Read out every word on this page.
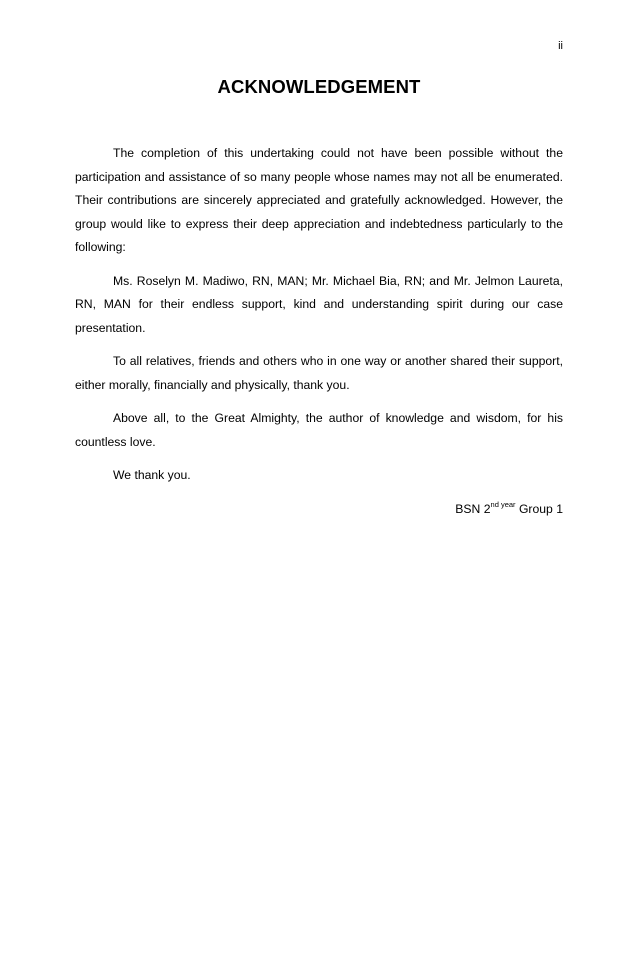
ii
ACKNOWLEDGEMENT

The completion of this undertaking could not have been possible without the participation and assistance of so many people whose names may not all be enumerated. Their contributions are sincerely appreciated and gratefully acknowledged. However, the group would like to express their deep appreciation and indebtedness particularly to the following:

Ms. Roselyn M. Madiwo, RN, MAN; Mr. Michael Bia, RN; and Mr. Jelmon Laureta, RN, MAN for their endless support, kind and understanding spirit during our case presentation.

To all relatives, friends and others who in one way or another shared their support, either morally, financially and physically, thank you.

Above all, to the Great Almighty, the author of knowledge and wisdom, for his countless love.

We thank you.

BSN $2^{nd year}$ Group 1
